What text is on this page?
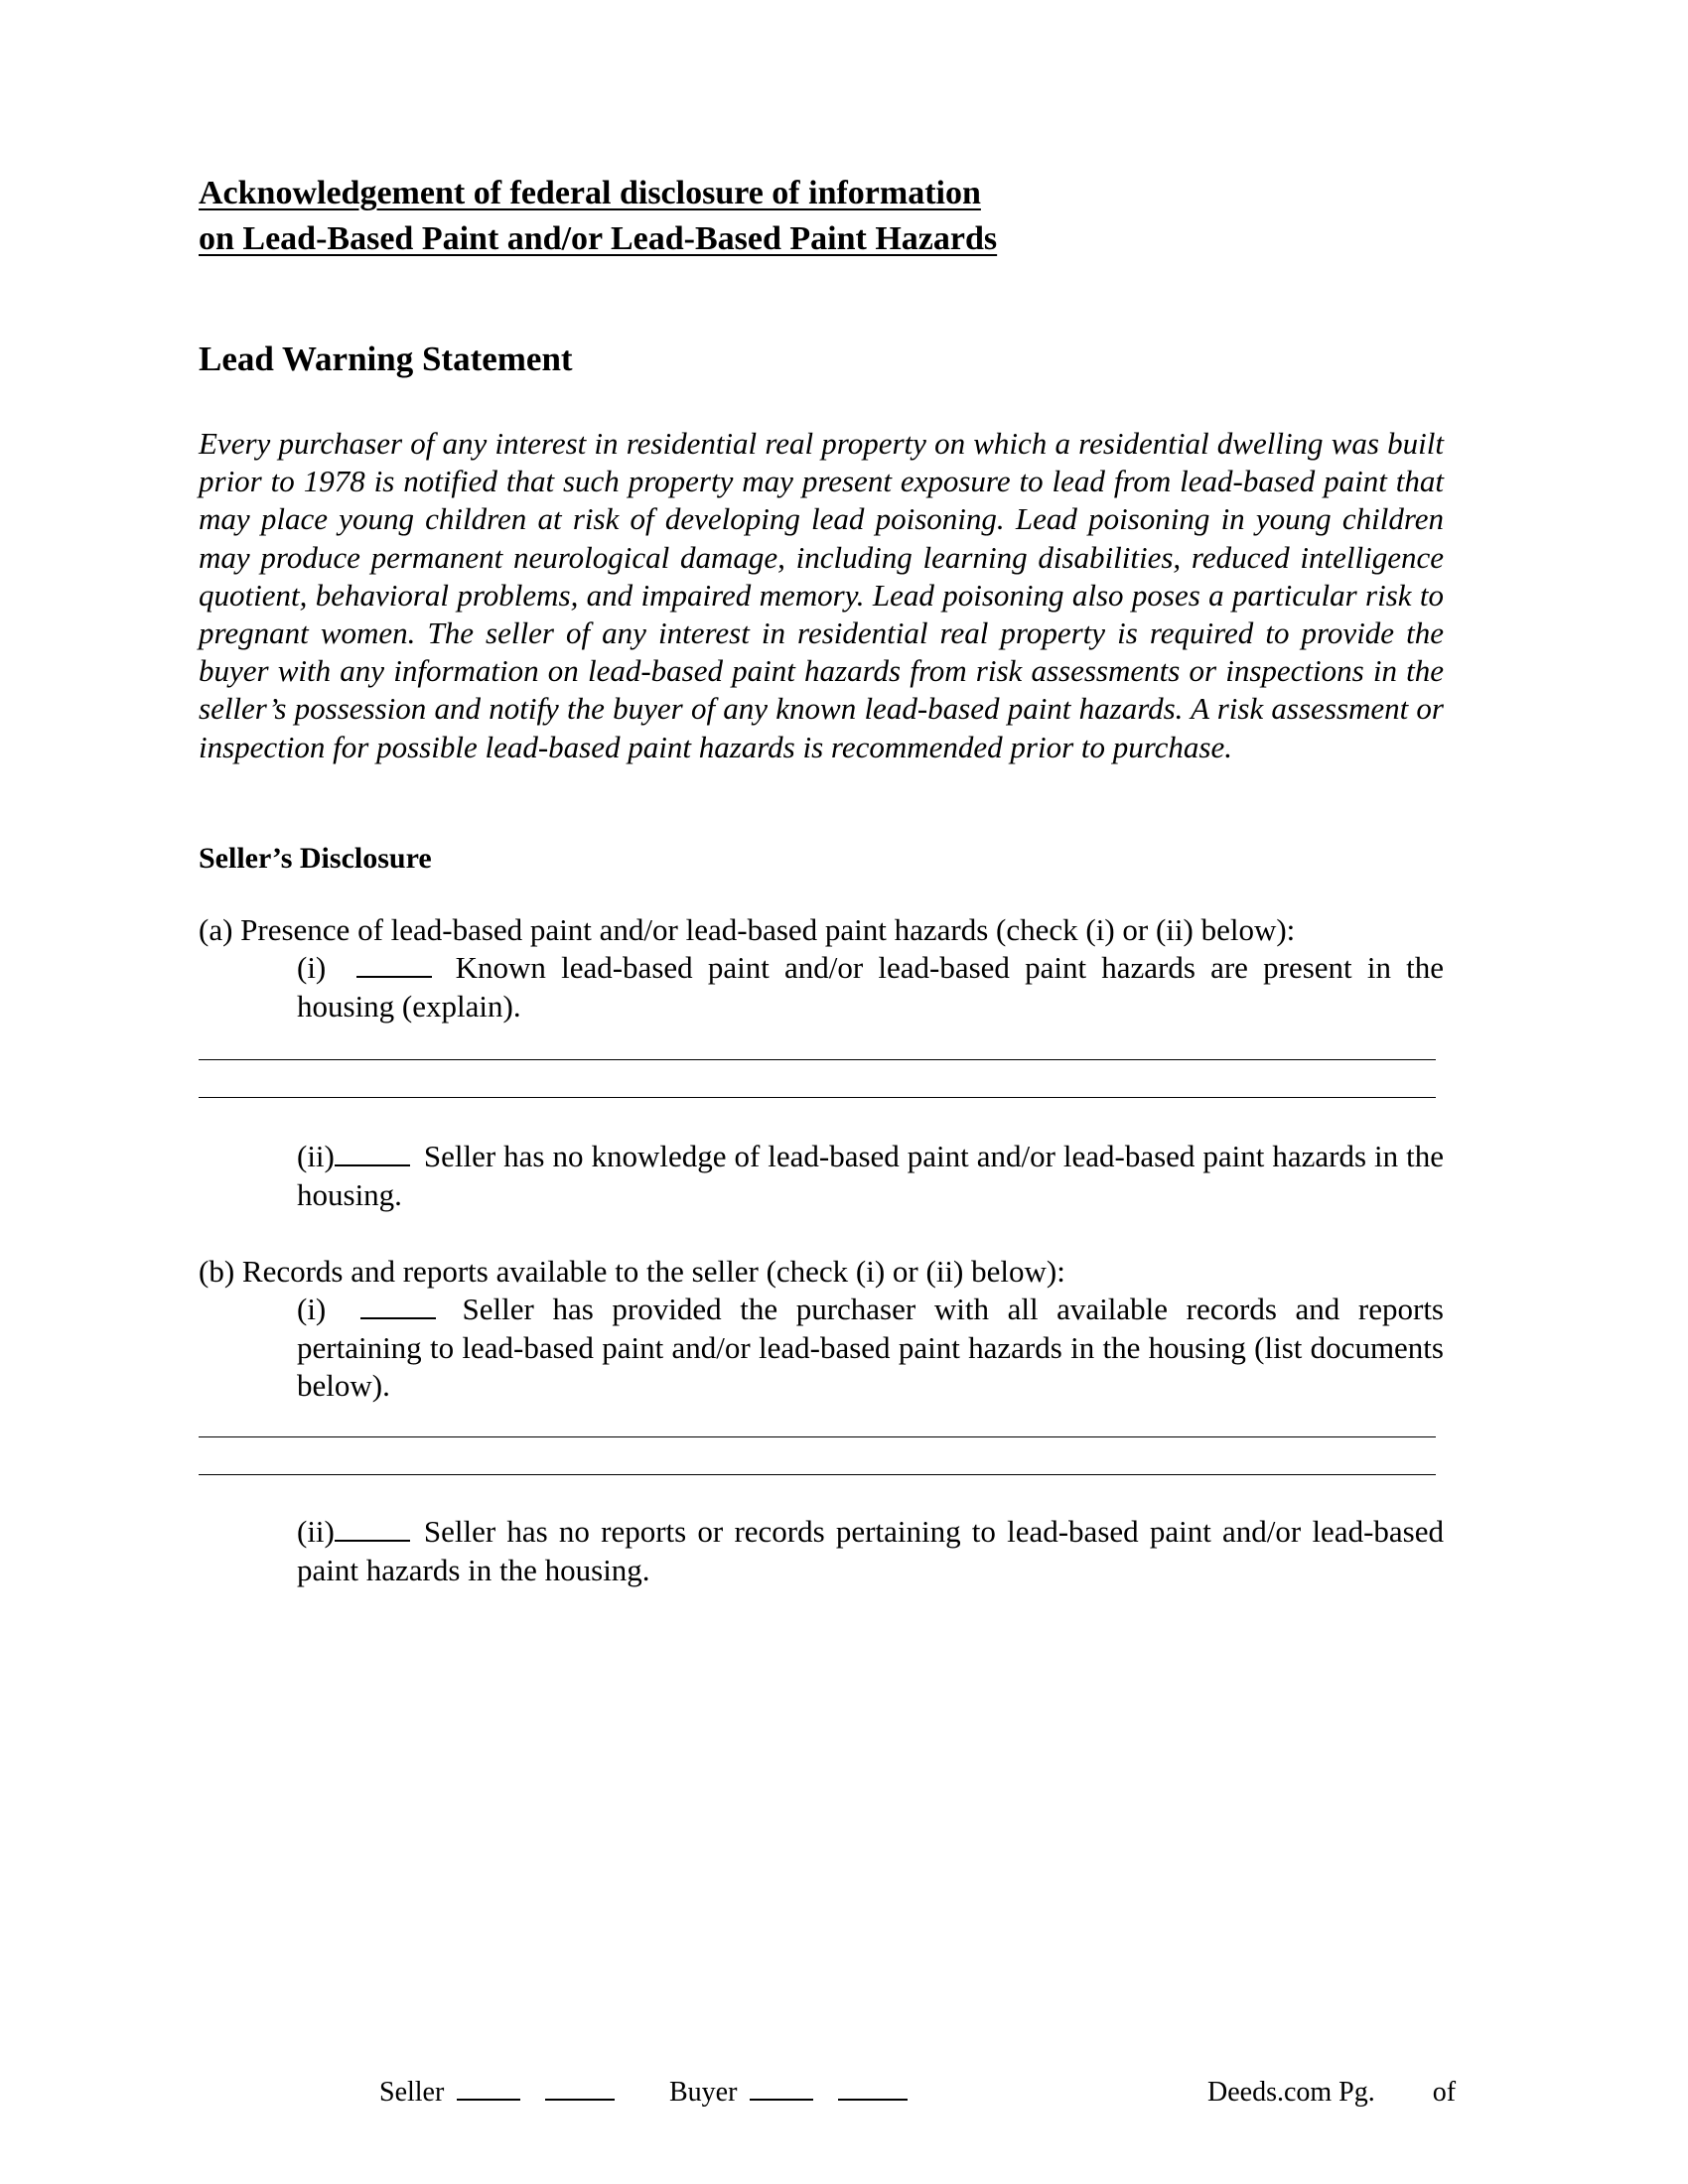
Acknowledgement of federal disclosure of information
on Lead-Based Paint and/or Lead-Based Paint Hazards
Lead Warning Statement

Every purchaser of any interest in residential real property on which a residential dwelling was built prior to 1978 is notified that such property may present exposure to lead from lead-based paint that may place young children at risk of developing lead poisoning. Lead poisoning in young children may produce permanent neurological damage, including learning disabilities, reduced intelligence quotient, behavioral problems, and impaired memory. Lead poisoning also poses a particular risk to pregnant women. The seller of any interest in residential real property is required to provide the buyer with any information on lead-based paint hazards from risk assessments or inspections in the seller’s possession and notify the buyer of any known lead-based paint hazards. A risk assessment or inspection for possible lead-based paint hazards is recommended prior to purchase.

Seller’s Disclosure

(a) Presence of lead-based paint and/or lead-based paint hazards (check (i) or (ii) below):

(i)	Known lead-based paint and/or lead-based paint hazards are present in the housing (explain).

(ii)	Seller has no knowledge of lead-based paint and/or lead-based paint hazards in the housing.

(b) Records and reports available to the seller (check (i) or (ii) below):

(i)	Seller has provided the purchaser with all available records and reports pertaining to lead-based paint and/or lead-based paint hazards in the housing (list documents below).

(ii)	Seller has no reports or records pertaining to lead-based paint and/or lead-based paint hazards in the housing.

Seller	Buyer	Deeds.com Pg. of
